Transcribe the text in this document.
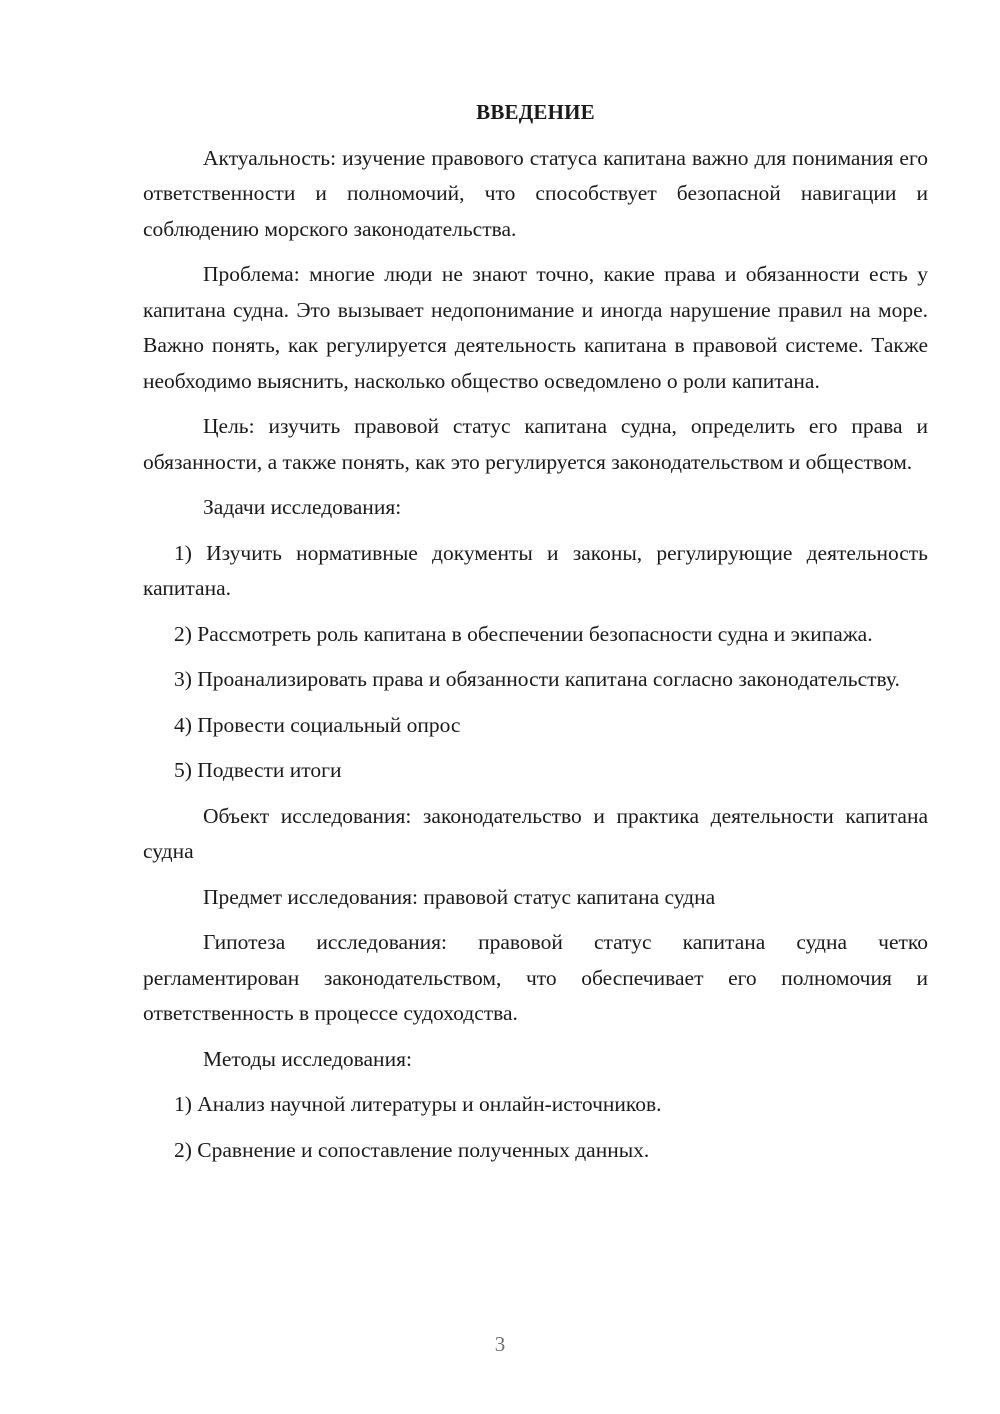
ВВЕДЕНИЕ
Актуальность: изучение правового статуса капитана важно для понимания его ответственности и полномочий, что способствует безопасной навигации и соблюдению морского законодательства.
Проблема: многие люди не знают точно, какие права и обязанности есть у капитана судна. Это вызывает недопонимание и иногда нарушение правил на море. Важно понять, как регулируется деятельность капитана в правовой системе. Также необходимо выяснить, насколько общество осведомлено о роли капитана.
Цель: изучить правовой статус капитана судна, определить его права и обязанности, а также понять, как это регулируется законодательством и обществом.
Задачи исследования:
1) Изучить нормативные документы и законы, регулирующие деятельность капитана.
2) Рассмотреть роль капитана в обеспечении безопасности судна и экипажа.
3) Проанализировать права и обязанности капитана согласно законодательству.
4) Провести социальный опрос
5) Подвести итоги
Объект исследования: законодательство и практика деятельности капитана судна
Предмет исследования: правовой статус капитана судна
Гипотеза исследования: правовой статус капитана судна четко регламентирован законодательством, что обеспечивает его полномочия и ответственность в процессе судоходства.
Методы исследования:
1) Анализ научной литературы и онлайн-источников.
2) Сравнение и сопоставление полученных данных.
3
